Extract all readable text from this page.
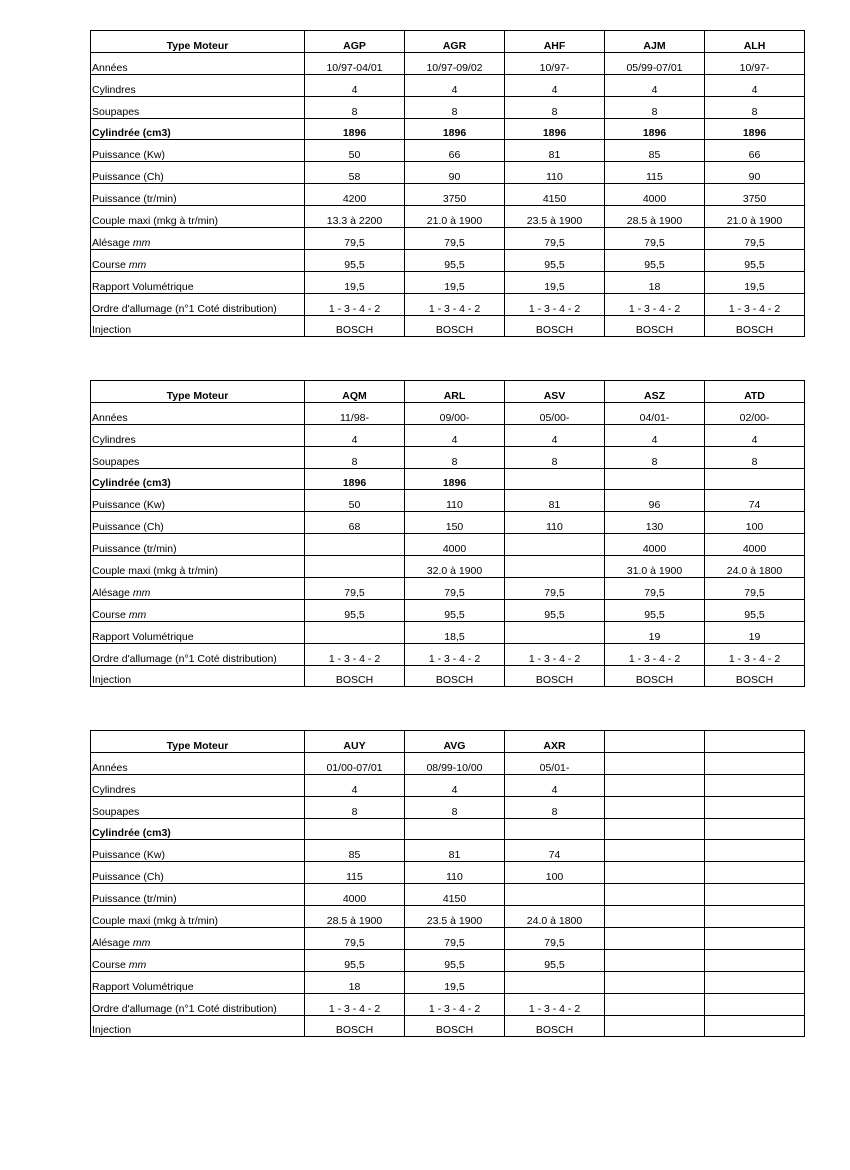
Type Moteur	AGP	AGR	AHF	AJM	ALH
Années	10/97-04/01	10/97-09/02	10/97-	05/99-07/01	10/97-
Cylindres	4	4	4	4	4
Soupapes	8	8	8	8	8
Cylindrée (cm3)	1896	1896	1896	1896	1896
Puissance (Kw)	50	66	81	85	66
Puissance (Ch)	58	90	110	115	90
Puissance (tr/min)	4200	3750	4150	4000	3750
Couple maxi (mkg à tr/min)	13.3 à 2200	21.0 à 1900	23.5 à 1900	28.5 à 1900	21.0 à 1900
Alésage mm	79,5	79,5	79,5	79,5	79,5
Course mm	95,5	95,5	95,5	95,5	95,5
Rapport Volumétrique	19,5	19,5	19,5	18	19,5
Ordre d'allumage (n°1 Coté distribution)	1 - 3 - 4 - 2	1 - 3 - 4 - 2	1 - 3 - 4 - 2	1 - 3 - 4 - 2	1 - 3 - 4 - 2
Injection	BOSCH	BOSCH	BOSCH	BOSCH	BOSCH
Type Moteur	AQM	ARL	ASV	ASZ	ATD
Années	11/98-	09/00-	05/00-	04/01-	02/00-
Cylindres	4	4	4	4	4
Soupapes	8	8	8	8	8
Cylindrée (cm3)	1896	1896			
Puissance (Kw)	50	110	81	96	74
Puissance (Ch)	68	150	110	130	100
Puissance (tr/min)		4000		4000	4000
Couple maxi (mkg à tr/min)		32.0 à 1900		31.0 à 1900	24.0 à 1800
Alésage mm	79,5	79,5	79,5	79,5	79,5
Course mm	95,5	95,5	95,5	95,5	95,5
Rapport Volumétrique		18,5		19	19
Ordre d'allumage (n°1 Coté distribution)	1 - 3 - 4 - 2	1 - 3 - 4 - 2	1 - 3 - 4 - 2	1 - 3 - 4 - 2	1 - 3 - 4 - 2
Injection	BOSCH	BOSCH	BOSCH	BOSCH	BOSCH
Type Moteur	AUY	AVG	AXR		
Années	01/00-07/01	08/99-10/00	05/01-		
Cylindres	4	4	4		
Soupapes	8	8	8		
Cylindrée (cm3)					
Puissance (Kw)	85	81	74		
Puissance (Ch)	115	110	100		
Puissance (tr/min)	4000	4150			
Couple maxi (mkg à tr/min)	28.5 à 1900	23.5 à 1900	24.0 à 1800		
Alésage mm	79,5	79,5	79,5		
Course mm	95,5	95,5	95,5		
Rapport Volumétrique	18	19,5			
Ordre d'allumage (n°1 Coté distribution)	1 - 3 - 4 - 2	1 - 3 - 4 - 2	1 - 3 - 4 - 2		
Injection	BOSCH	BOSCH	BOSCH		
